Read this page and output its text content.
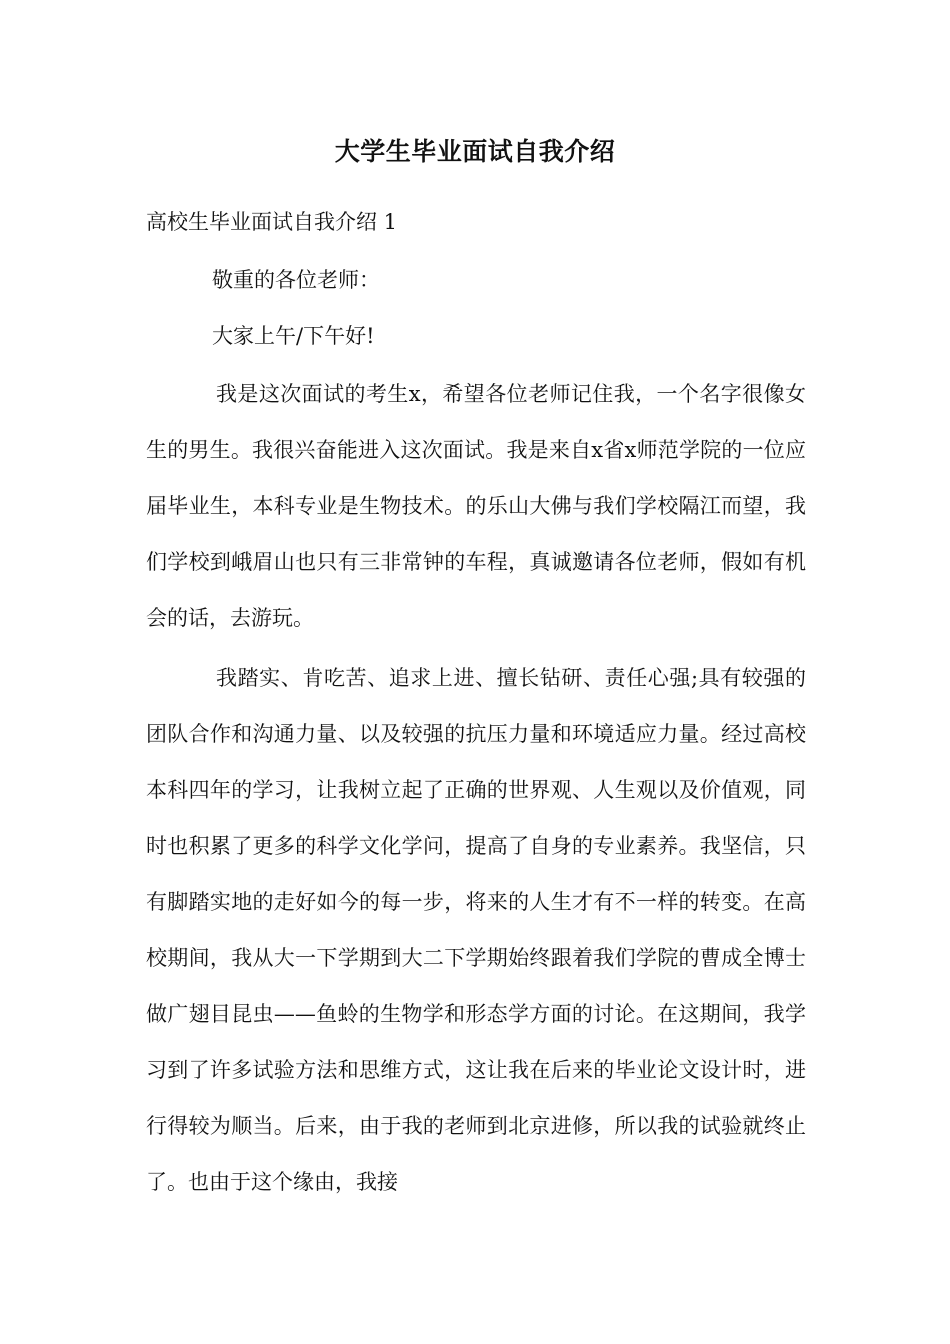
大学生毕业面试自我介绍
高校生毕业面试自我介绍 1
敬重的各位老师：
大家上午/下午好!
我是这次面试的考生x，希望各位老师记住我，一个名字很像女生的男生。我很兴奋能进入这次面试。我是来自x省x师范学院的一位应届毕业生，本科专业是生物技术。的乐山大佛与我们学校隔江而望，我们学校到峨眉山也只有三非常钟的车程，真诚邀请各位老师，假如有机会的话，去游玩。
我踏实、肯吃苦、追求上进、擅长钻研、责任心强;具有较强的团队合作和沟通力量、以及较强的抗压力量和环境适应力量。经过高校本科四年的学习，让我树立起了正确的世界观、人生观以及价值观，同时也积累了更多的科学文化学问，提高了自身的专业素养。我坚信，只有脚踏实地的走好如今的每一步，将来的人生才有不一样的转变。在高校期间，我从大一下学期到大二下学期始终跟着我们学院的曹成全博士做广翅目昆虫——鱼蛉的生物学和形态学方面的讨论。在这期间，我学习到了许多试验方法和思维方式，这让我在后来的毕业论文设计时，进行得较为顺当。后来，由于我的老师到北京进修，所以我的试验就终止了。也由于这个缘由，我接
